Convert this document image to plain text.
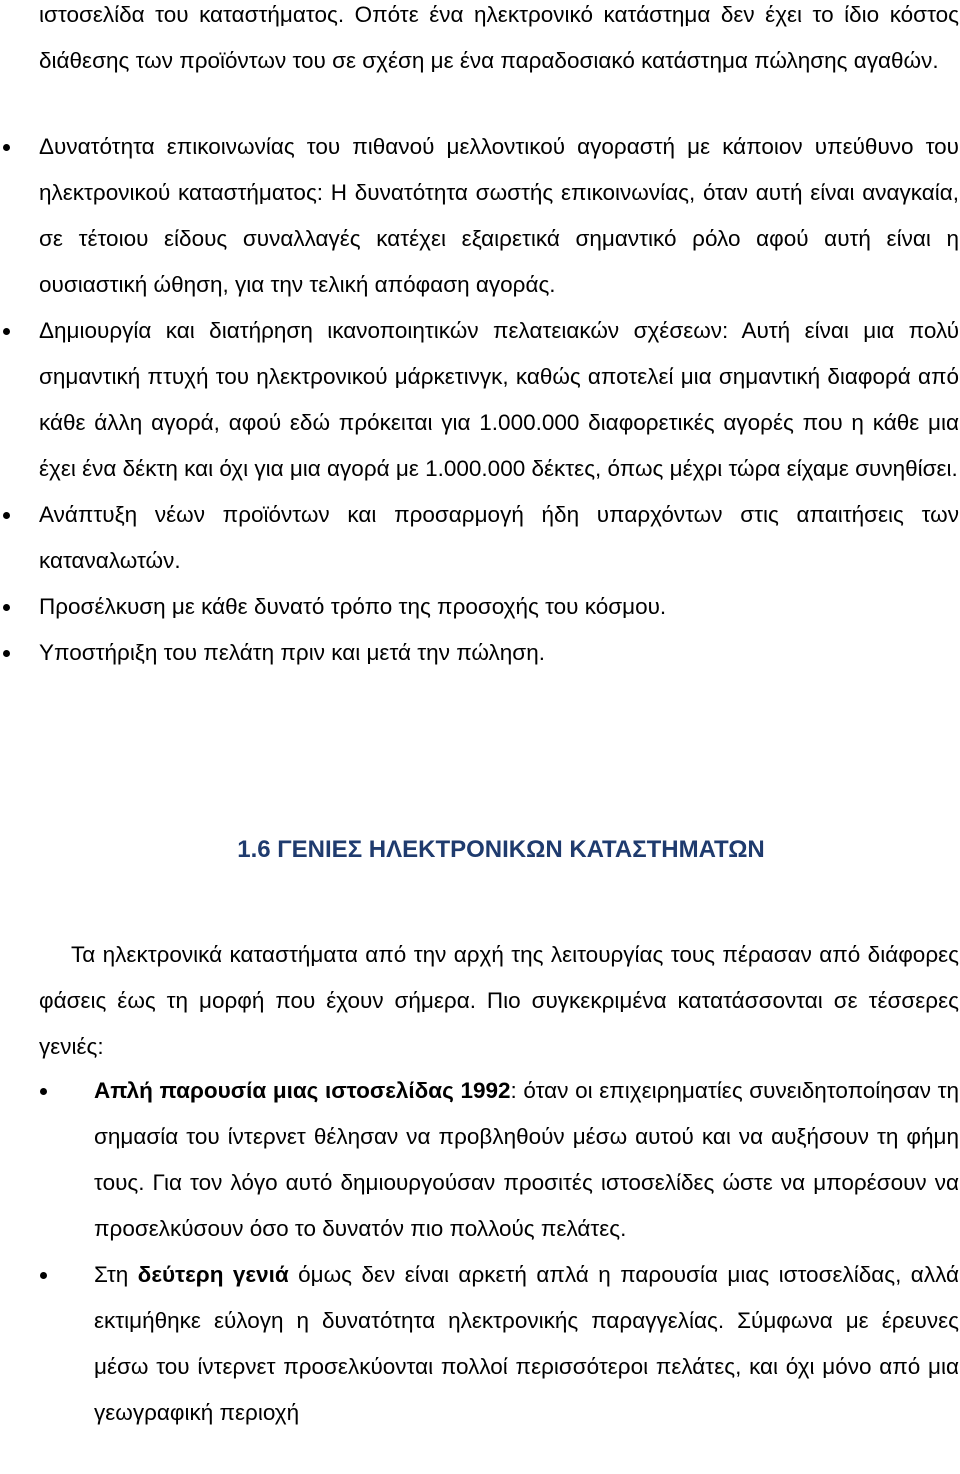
ιστοσελίδα του καταστήματος. Οπότε ένα ηλεκτρονικό κατάστημα δεν έχει το ίδιο κόστος διάθεσης των προϊόντων του σε σχέση με ένα παραδοσιακό κατάστημα πώλησης αγαθών.

Δυνατότητα επικοινωνίας του πιθανού μελλοντικού αγοραστή με κάποιον υπεύθυνο του ηλεκτρονικού καταστήματος: Η δυνατότητα σωστής επικοινωνίας, όταν αυτή είναι αναγκαία, σε τέτοιου είδους συναλλαγές κατέχει εξαιρετικά σημαντικό ρόλο αφού αυτή είναι η ουσιαστική ώθηση, για την τελική απόφαση αγοράς.

Δημιουργία και διατήρηση ικανοποιητικών πελατειακών σχέσεων: Αυτή είναι μια πολύ σημαντική πτυχή του ηλεκτρονικού μάρκετινγκ, καθώς αποτελεί μια σημαντική διαφορά από κάθε άλλη αγορά, αφού εδώ πρόκειται για 1.000.000 διαφορετικές αγορές που η κάθε μια έχει ένα δέκτη και όχι για μια αγορά με 1.000.000 δέκτες, όπως μέχρι τώρα είχαμε συνηθίσει.

Ανάπτυξη νέων προϊόντων και προσαρμογή ήδη υπαρχόντων στις απαιτήσεις των καταναλωτών.

Προσέλκυση με κάθε δυνατό τρόπο της προσοχής του κόσμου.

Υποστήριξη του πελάτη πριν και μετά την πώληση.

1.6 ΓΕΝΙΕΣ ΗΛΕΚΤΡΟΝΙΚΩΝ ΚΑΤΑΣΤΗΜΑΤΩΝ

Τα ηλεκτρονικά καταστήματα από την αρχή της λειτουργίας τους πέρασαν από διάφορες φάσεις έως τη μορφή που έχουν σήμερα. Πιο συγκεκριμένα κατατάσσονται σε τέσσερες γενιές:

Απλή παρουσία μιας ιστοσελίδας 1992: όταν οι επιχειρηματίες συνειδητοποίησαν τη σημασία του ίντερνετ θέλησαν να προβληθούν μέσω αυτού και να αυξήσουν τη φήμη τους. Για τον λόγο αυτό δημιουργούσαν προσιτές ιστοσελίδες ώστε να μπορέσουν να προσελκύσουν όσο το δυνατόν πιο πολλούς πελάτες.

Στη δεύτερη γενιά όμως δεν είναι αρκετή απλά η παρουσία μιας ιστοσελίδας, αλλά εκτιμήθηκε εύλογη η δυνατότητα ηλεκτρονικής παραγγελίας. Σύμφωνα με έρευνες μέσω του ίντερνετ προσελκύονται πολλοί περισσότεροι πελάτες, και όχι μόνο από μια γεωγραφική περιοχή
